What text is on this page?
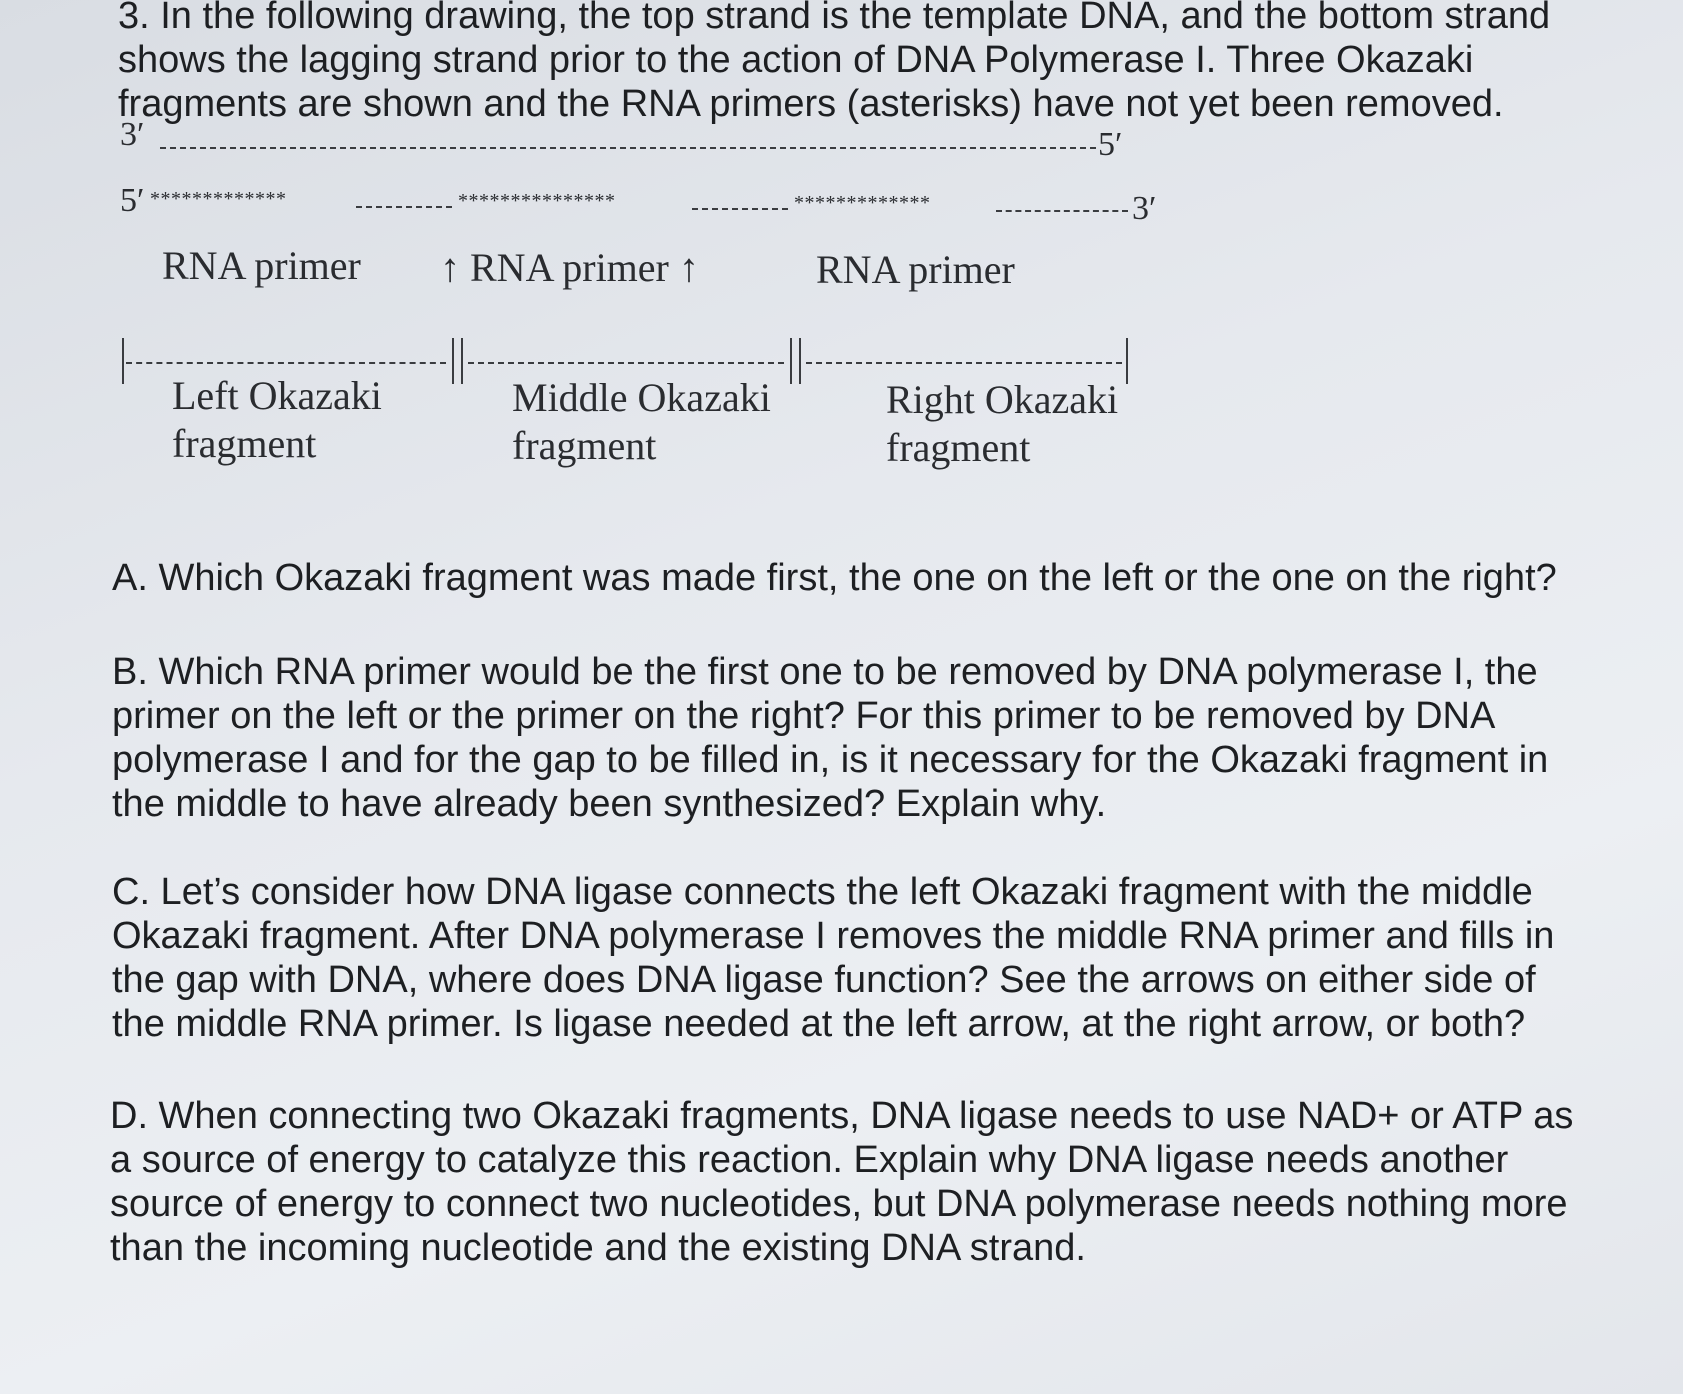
3. In the following drawing, the top strand is the template DNA, and the bottom strand
shows the lagging strand prior to the action of DNA Polymerase I. Three Okazaki
fragments are shown and the RNA primers (asterisks) have not yet been removed.
3′	5′
5′ *************	***************	*************	3′
RNA primer ↑ RNA primer ↑	RNA primer
Left Okazaki
fragment
Middle Okazaki
fragment
Right Okazaki
fragment
A. Which Okazaki fragment was made first, the one on the left or the one on the right?
B. Which RNA primer would be the first one to be removed by DNA polymerase I, the
primer on the left or the primer on the right? For this primer to be removed by DNA
polymerase I and for the gap to be filled in, is it necessary for the Okazaki fragment in
the middle to have already been synthesized? Explain why.
C. Let’s consider how DNA ligase connects the left Okazaki fragment with the middle
Okazaki fragment. After DNA polymerase I removes the middle RNA primer and fills in
the gap with DNA, where does DNA ligase function? See the arrows on either side of
the middle RNA primer. Is ligase needed at the left arrow, at the right arrow, or both?
D. When connecting two Okazaki fragments, DNA ligase needs to use NAD+ or ATP as
a source of energy to catalyze this reaction. Explain why DNA ligase needs another
source of energy to connect two nucleotides, but DNA polymerase needs nothing more
than the incoming nucleotide and the existing DNA strand.
